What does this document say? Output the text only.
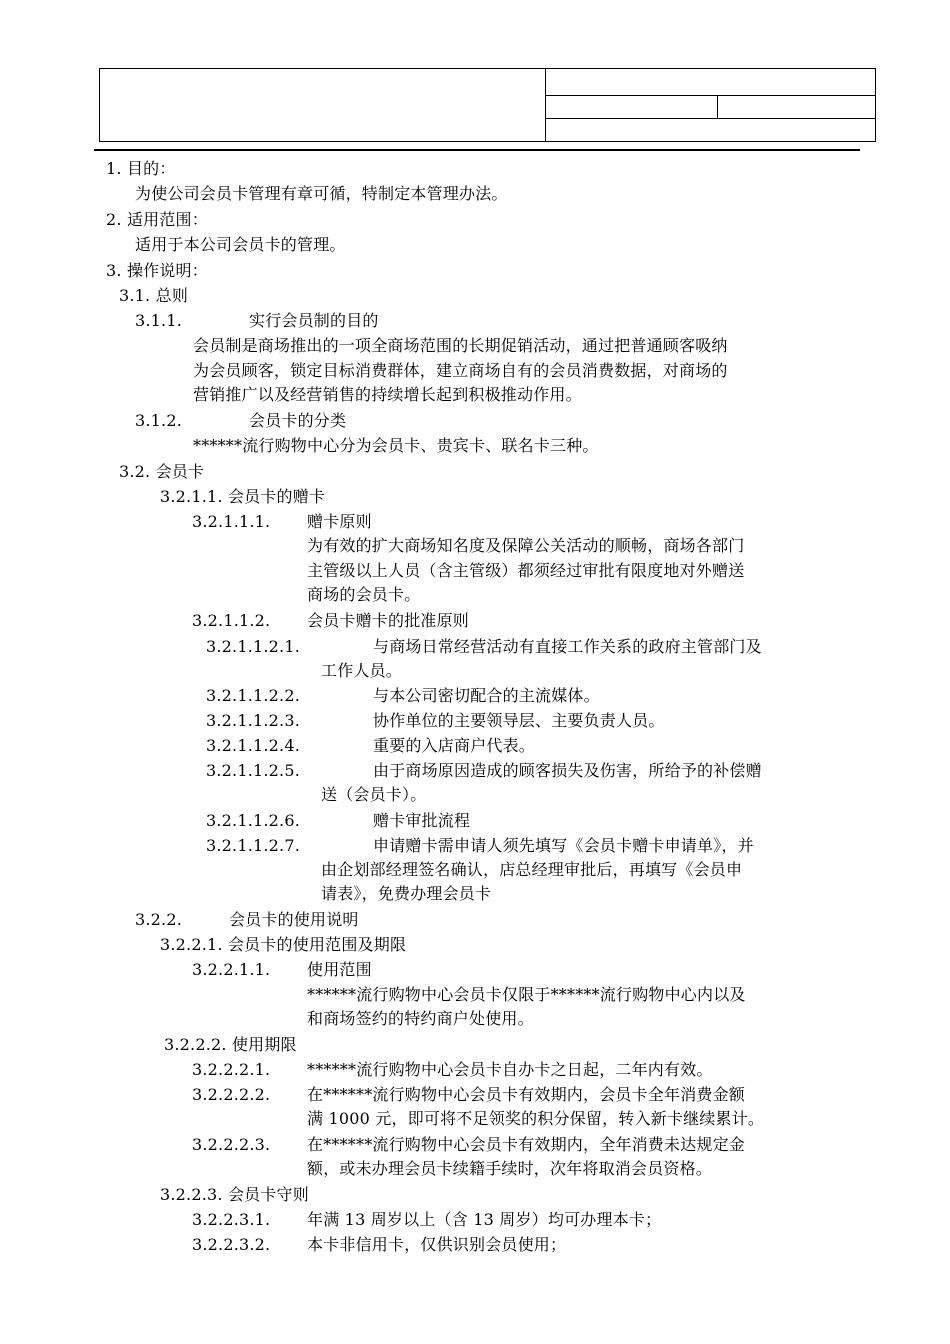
1. 目的：
为使公司会员卡管理有章可循，特制定本管理办法。
2. 适用范围：
适用于本公司会员卡的管理。
3. 操作说明：
3.1. 总则
3.1.1.	实行会员制的目的
会员制是商场推出的一项全商场范围的长期促销活动，通过把普通顾客吸纳
为会员顾客，锁定目标消费群体，建立商场自有的会员消费数据，对商场的
营销推广以及经营销售的持续增长起到积极推动作用。
3.1.2.	会员卡的分类
******流行购物中心分为会员卡、贵宾卡、联名卡三种。
3.2. 会员卡
3.2.1.1. 会员卡的赠卡
3.2.1.1.1. 赠卡原则
为有效的扩大商场知名度及保障公关活动的顺畅，商场各部门
主管级以上人员（含主管级）都须经过审批有限度地对外赠送
商场的会员卡。
3.2.1.1.2. 会员卡赠卡的批准原则
3.2.1.1.2.1.	与商场日常经营活动有直接工作关系的政府主管部门及
工作人员。
3.2.1.1.2.2.	与本公司密切配合的主流媒体。
3.2.1.1.2.3.	协作单位的主要领导层、主要负责人员。
3.2.1.1.2.4.	重要的入店商户代表。
3.2.1.1.2.5.	由于商场原因造成的顾客损失及伤害，所给予的补偿赠
送（会员卡）。
3.2.1.1.2.6.	赠卡审批流程
3.2.1.1.2.7.	申请赠卡需申请人须先填写《会员卡赠卡申请单》，并
由企划部经理签名确认，店总经理审批后，再填写《会员申
请表》，免费办理会员卡
3.2.2.	会员卡的使用说明
3.2.2.1. 会员卡的使用范围及期限
3.2.2.1.1. 使用范围
******流行购物中心会员卡仅限于******流行购物中心内以及
和商场签约的特约商户处使用。
3.2.2.2. 使用期限
3.2.2.2.1. ******流行购物中心会员卡自办卡之日起，二年内有效。
3.2.2.2.2. 在******流行购物中心会员卡有效期内，会员卡全年消费金额
满 1000 元，即可将不足领奖的积分保留，转入新卡继续累计。
3.2.2.2.3. 在******流行购物中心会员卡有效期内，全年消费未达规定金
额，或未办理会员卡续籍手续时，次年将取消会员资格。
3.2.2.3. 会员卡守则
3.2.2.3.1. 年满 13 周岁以上（含 13 周岁）均可办理本卡；
3.2.2.3.2. 本卡非信用卡，仅供识别会员使用；
